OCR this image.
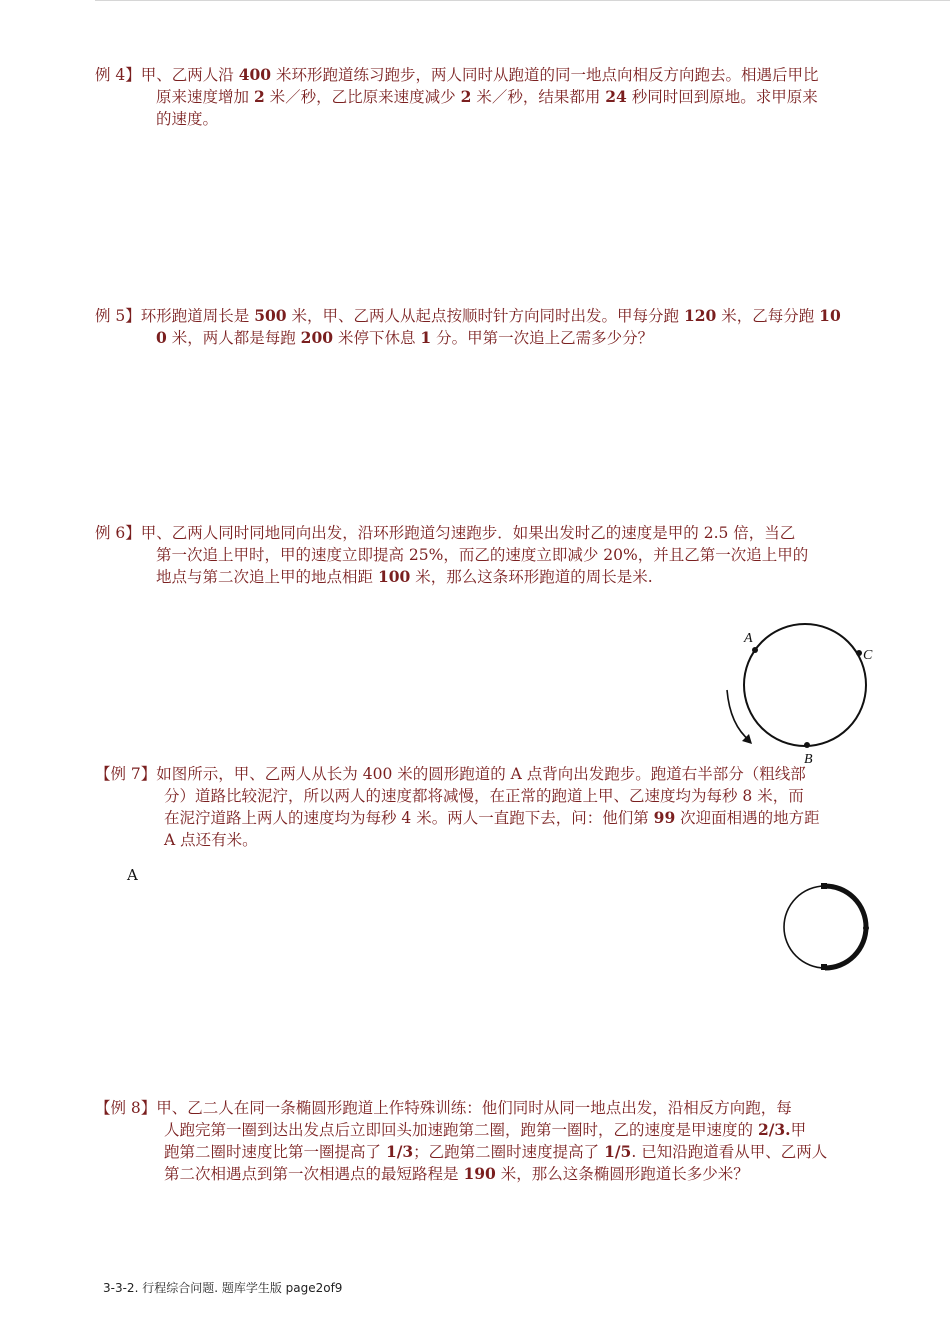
例 4】甲、乙两人沿 400 米环形跑道练习跑步，两人同时从跑道的同一地点向相反方向跑去。相遇后甲比
原来速度增加 2 米／秒，乙比原来速度减少 2 米／秒，结果都用 24 秒同时回到原地。求甲原来
的速度。
例 5】环形跑道周长是 500 米，甲、乙两人从起点按顺时针方向同时出发。甲每分跑 120 米，乙每分跑 10
0 米，两人都是每跑 200 米停下休息 1 分。甲第一次追上乙需多少分？
例 6】甲、乙两人同时同地同向出发，沿环形跑道匀速跑步．如果出发时乙的速度是甲的 2.5 倍，当乙
第一次追上甲时，甲的速度立即提高 25%，而乙的速度立即减少 20%，并且乙第一次追上甲的
地点与第二次追上甲的地点相距 100 米，那么这条环形跑道的周长是米.
A
B
C
【例 7】如图所示，甲、乙两人从长为 400 米的圆形跑道的 A 点背向出发跑步。跑道右半部分（粗线部
分）道路比较泥泞，所以两人的速度都将减慢，在正常的跑道上甲、乙速度均为每秒 8 米，而
在泥泞道路上两人的速度均为每秒 4 米。两人一直跑下去，问：他们第 99 次迎面相遇的地方距
A 点还有米。
A
【例 8】甲、乙二人在同一条椭圆形跑道上作特殊训练：他们同时从同一地点出发，沿相反方向跑，每
人跑完第一圈到达出发点后立即回头加速跑第二圈，跑第一圈时，乙的速度是甲速度的 2/3.甲
跑第二圈时速度比第一圈提高了 1/3；乙跑第二圈时速度提高了 1/5. 已知沿跑道看从甲、乙两人
第二次相遇点到第一次相遇点的最短路程是 190 米，那么这条椭圆形跑道长多少米？
3-3-2. 行程综合问题. 题库学生版 page2of9
